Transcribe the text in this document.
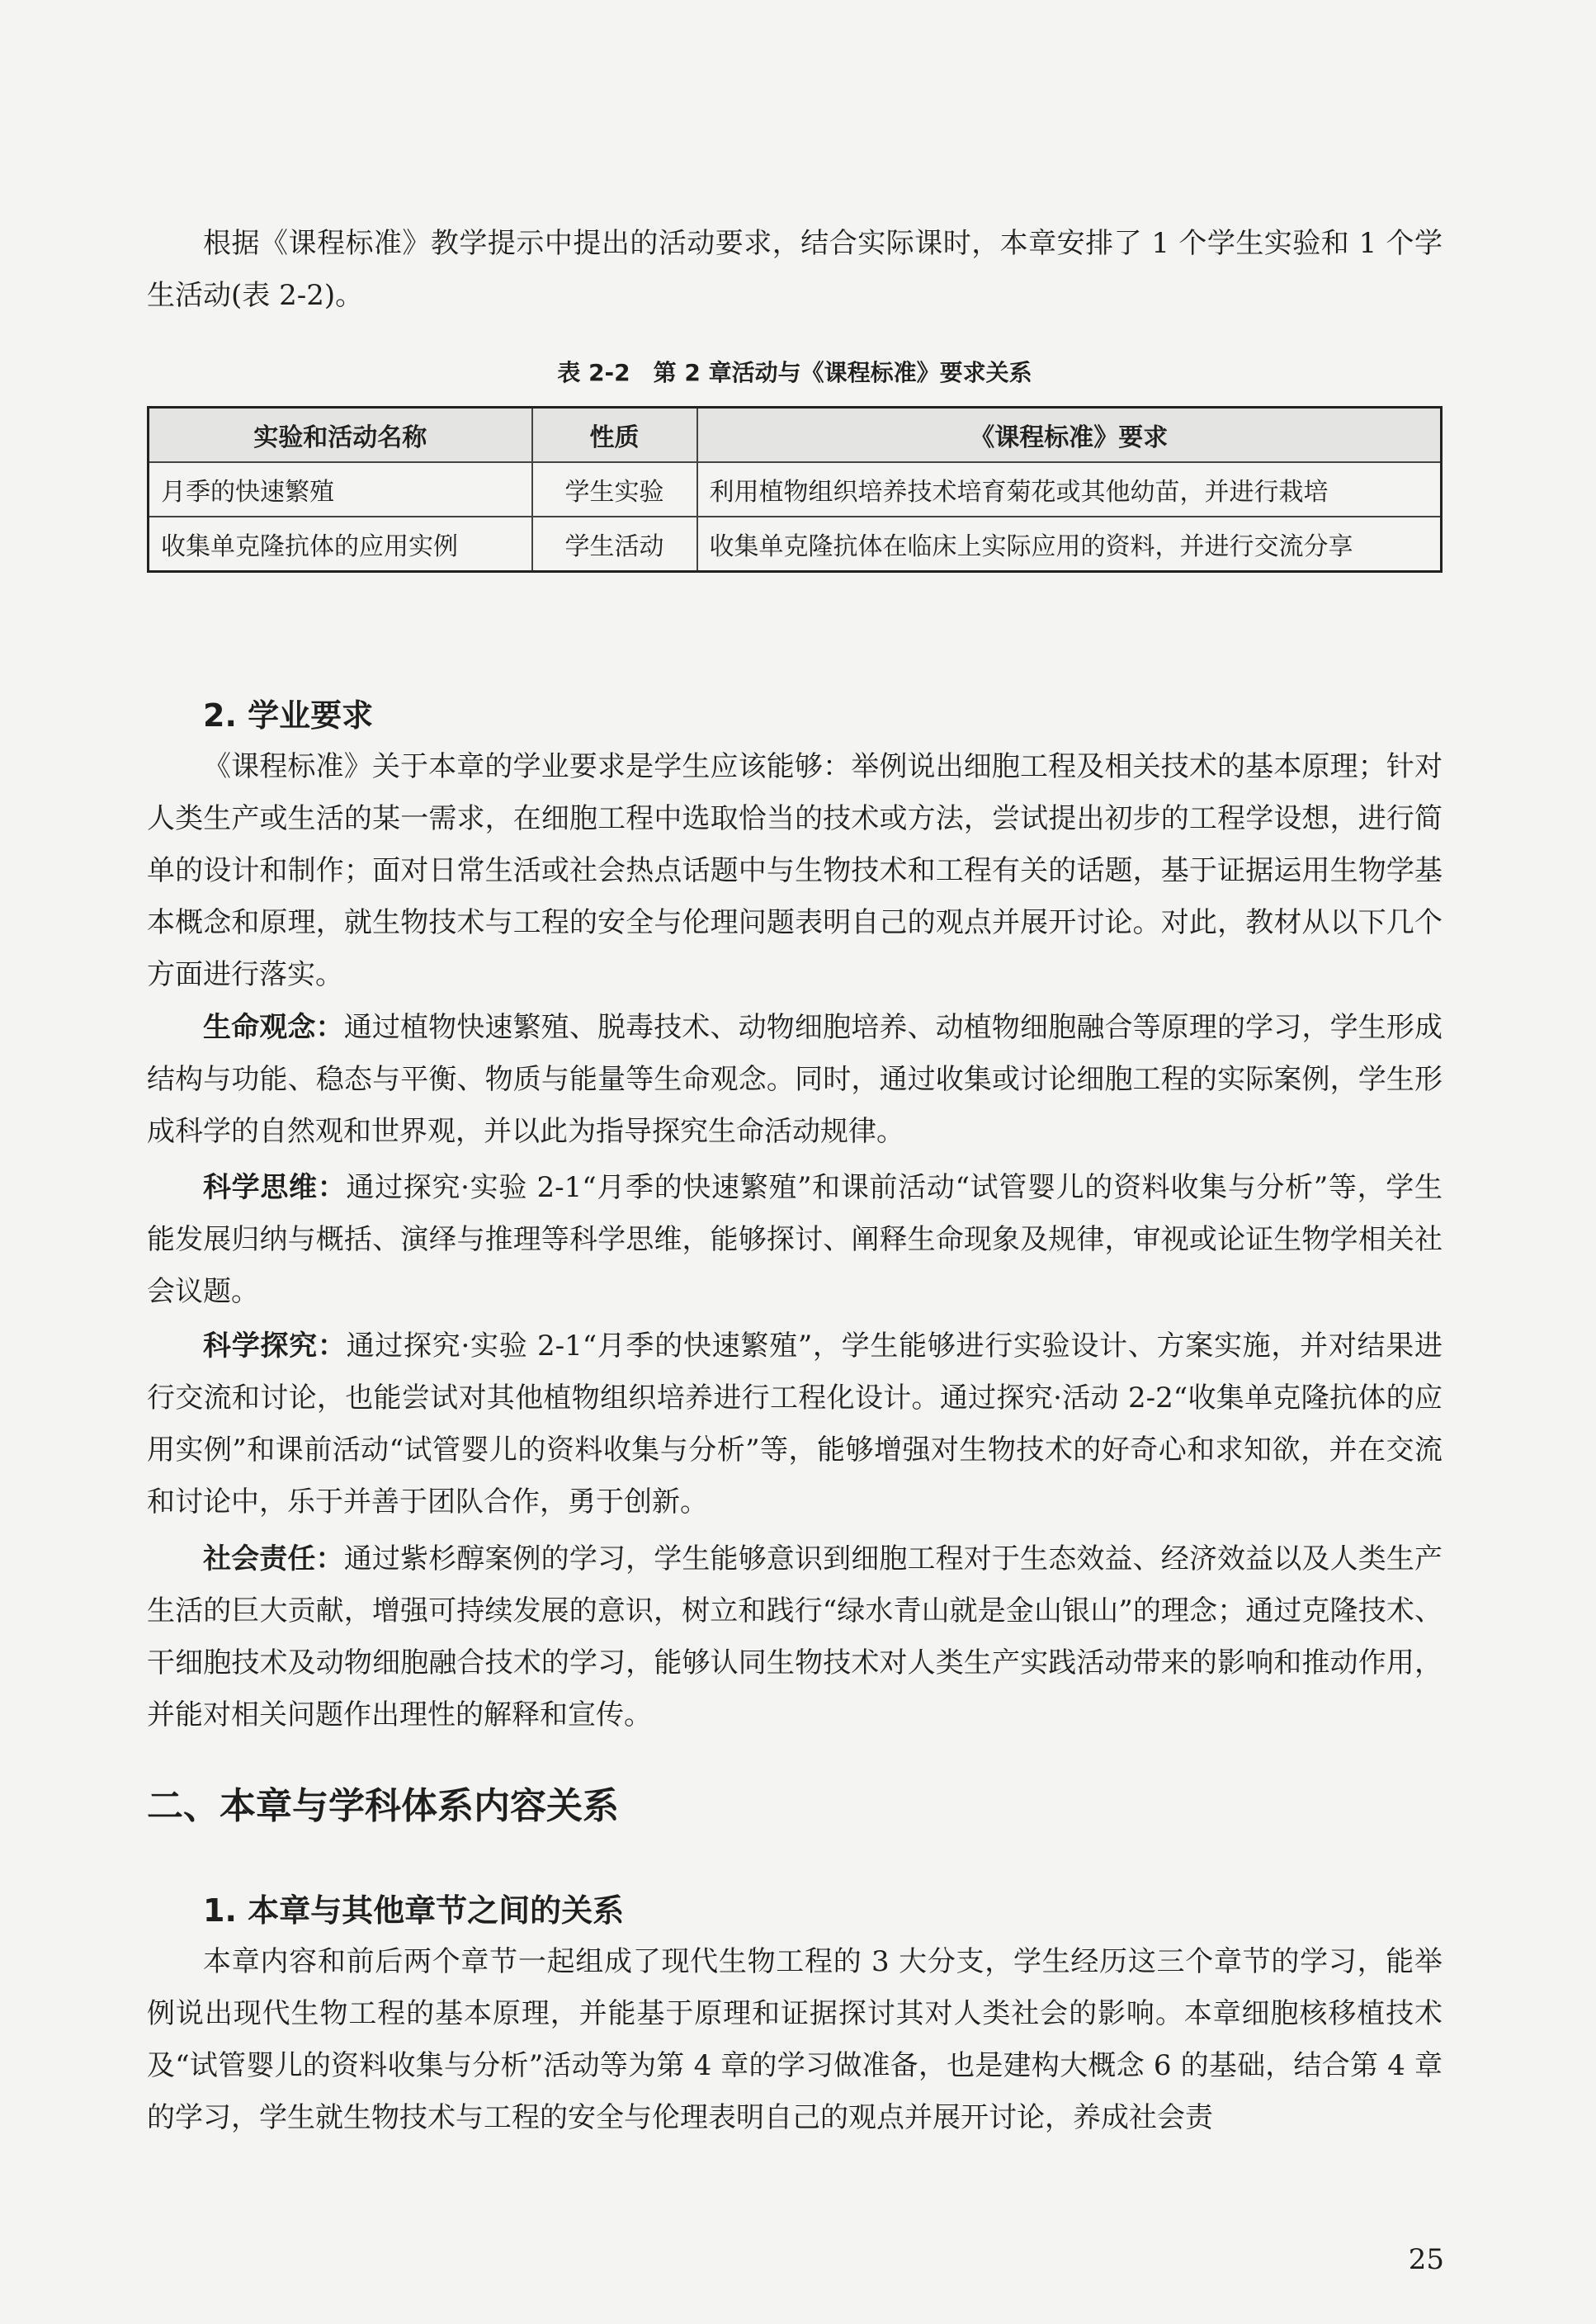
根据《课程标准》教学提示中提出的活动要求，结合实际课时，本章安排了 1 个学生实验和 1 个学生活动(表 2-2)。

表 2-2　第 2 章活动与《课程标准》要求关系
实验和活动名称	性质	《课程标准》要求
月季的快速繁殖	学生实验	利用植物组织培养技术培育菊花或其他幼苗，并进行栽培
收集单克隆抗体的应用实例	学生活动	收集单克隆抗体在临床上实际应用的资料，并进行交流分享
2. 学业要求

《课程标准》关于本章的学业要求是学生应该能够：举例说出细胞工程及相关技术的基本原理；针对人类生产或生活的某一需求，在细胞工程中选取恰当的技术或方法，尝试提出初步的工程学设想，进行简单的设计和制作；面对日常生活或社会热点话题中与生物技术和工程有关的话题，基于证据运用生物学基本概念和原理，就生物技术与工程的安全与伦理问题表明自己的观点并展开讨论。对此，教材从以下几个方面进行落实。

生命观念：通过植物快速繁殖、脱毒技术、动物细胞培养、动植物细胞融合等原理的学习，学生形成结构与功能、稳态与平衡、物质与能量等生命观念。同时，通过收集或讨论细胞工程的实际案例，学生形成科学的自然观和世界观，并以此为指导探究生命活动规律。

科学思维：通过探究·实验 2-1“月季的快速繁殖”和课前活动“试管婴儿的资料收集与分析”等，学生能发展归纳与概括、演绎与推理等科学思维，能够探讨、阐释生命现象及规律，审视或论证生物学相关社会议题。

科学探究：通过探究·实验 2-1“月季的快速繁殖”，学生能够进行实验设计、方案实施，并对结果进行交流和讨论，也能尝试对其他植物组织培养进行工程化设计。通过探究·活动 2-2“收集单克隆抗体的应用实例”和课前活动“试管婴儿的资料收集与分析”等，能够增强对生物技术的好奇心和求知欲，并在交流和讨论中，乐于并善于团队合作，勇于创新。

社会责任：通过紫杉醇案例的学习，学生能够意识到细胞工程对于生态效益、经济效益以及人类生产生活的巨大贡献，增强可持续发展的意识，树立和践行“绿水青山就是金山银山”的理念；通过克隆技术、干细胞技术及动物细胞融合技术的学习，能够认同生物技术对人类生产实践活动带来的影响和推动作用，并能对相关问题作出理性的解释和宣传。

二、本章与学科体系内容关系
1. 本章与其他章节之间的关系

本章内容和前后两个章节一起组成了现代生物工程的 3 大分支，学生经历这三个章节的学习，能举例说出现代生物工程的基本原理，并能基于原理和证据探讨其对人类社会的影响。本章细胞核移植技术及“试管婴儿的资料收集与分析”活动等为第 4 章的学习做准备，也是建构大概念 6 的基础，结合第 4 章的学习，学生就生物技术与工程的安全与伦理表明自己的观点并展开讨论，养成社会责

25
